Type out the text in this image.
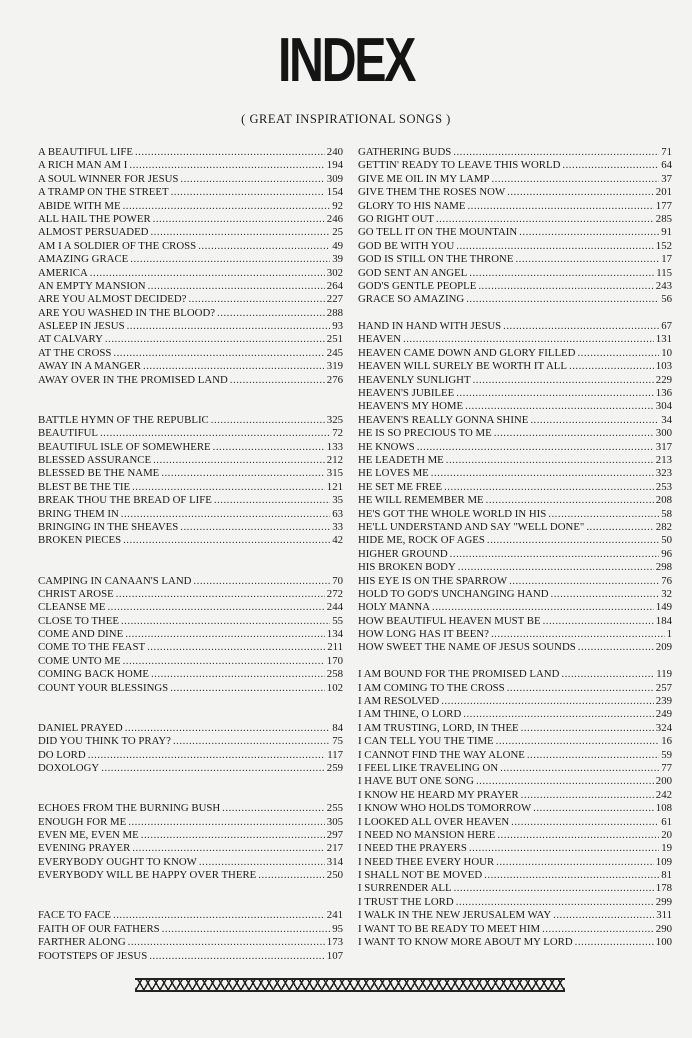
INDEX
( GREAT INSPIRATIONAL SONGS )
A BEAUTIFUL LIFE .....	240
A RICH MAN AM I .....	194
A SOUL WINNER FOR JESUS .....	309
A TRAMP ON THE STREET .....	154
ABIDE WITH ME .....	92
ALL HAIL THE POWER .....	246
ALMOST PERSUADED .....	25
AM I A SOLDIER OF THE CROSS .....	49
AMAZING GRACE .....	39
AMERICA .....	302
AN EMPTY MANSION .....	264
ARE YOU ALMOST DECIDED? .....	227
ARE YOU WASHED IN THE BLOOD? .....	288
ASLEEP IN JESUS .....	93
AT CALVARY .....	251
AT THE CROSS .....	245
AWAY IN A MANGER .....	319
AWAY OVER IN THE PROMISED LAND .....	276
BATTLE HYMN OF THE REPUBLIC .....	325
BEAUTIFUL .....	72
BEAUTIFUL ISLE OF SOMEWHERE .....	133
BLESSED ASSURANCE .....	212
BLESSED BE THE NAME .....	315
BLEST BE THE TIE .....	121
BREAK THOU THE BREAD OF LIFE .....	35
BRING THEM IN .....	63
BRINGING IN THE SHEAVES .....	33
BROKEN PIECES .....	42
CAMPING IN CANAAN'S LAND .....	70
CHRIST AROSE .....	272
CLEANSE ME .....	244
CLOSE TO THEE .....	55
COME AND DINE .....	134
COME TO THE FEAST .....	211
COME UNTO ME .....	170
COMING BACK HOME .....	258
COUNT YOUR BLESSINGS .....	102
DANIEL PRAYED .....	84
DID YOU THINK TO PRAY? .....	75
DO LORD .....	117
DOXOLOGY .....	259
ECHOES FROM THE BURNING BUSH .....	255
ENOUGH FOR ME .....	305
EVEN ME, EVEN ME .....	297
EVENING PRAYER .....	217
EVERYBODY OUGHT TO KNOW .....	314
EVERYBODY WILL BE HAPPY OVER THERE .....	250
FACE TO FACE .....	241
FAITH OF OUR FATHERS .....	95
FARTHER ALONG .....	173
FOOTSTEPS OF JESUS .....	107
GATHERING BUDS .....	71
GETTIN' READY TO LEAVE THIS WORLD .....	64
GIVE ME OIL IN MY LAMP .....	37
GIVE THEM THE ROSES NOW .....	201
GLORY TO HIS NAME .....	177
GO RIGHT OUT .....	285
GO TELL IT ON THE MOUNTAIN .....	91
GOD BE WITH YOU .....	152
GOD IS STILL ON THE THRONE .....	17
GOD SENT AN ANGEL .....	115
GOD'S GENTLE PEOPLE .....	243
GRACE SO AMAZING .....	56
HAND IN HAND WITH JESUS .....	67
HEAVEN .....	131
HEAVEN CAME DOWN AND GLORY FILLED .....	10
HEAVEN WILL SURELY BE WORTH IT ALL .....	103
HEAVENLY SUNLIGHT .....	229
HEAVEN'S JUBILEE .....	136
HEAVEN'S MY HOME .....	304
HEAVEN'S REALLY GONNA SHINE .....	34
HE IS SO PRECIOUS TO ME .....	300
HE KNOWS .....	317
HE LEADETH ME .....	213
HE LOVES ME .....	323
HE SET ME FREE .....	253
HE WILL REMEMBER ME .....	208
HE'S GOT THE WHOLE WORLD IN HIS .....	58
HE'LL UNDERSTAND AND SAY "WELL DONE" .....	282
HIDE ME, ROCK OF AGES .....	50
HIGHER GROUND .....	96
HIS BROKEN BODY .....	298
HIS EYE IS ON THE SPARROW .....	76
HOLD TO GOD'S UNCHANGING HAND .....	32
HOLY MANNA .....	149
HOW BEAUTIFUL HEAVEN MUST BE .....	184
HOW LONG HAS IT BEEN? .....	1
HOW SWEET THE NAME OF JESUS SOUNDS .....	209
I AM BOUND FOR THE PROMISED LAND .....	119
I AM COMING TO THE CROSS .....	257
I AM RESOLVED .....	239
I AM THINE, O LORD .....	249
I AM TRUSTING, LORD, IN THEE .....	324
I CAN TELL YOU THE TIME .....	16
I CANNOT FIND THE WAY ALONE .....	59
I FEEL LIKE TRAVELING ON .....	77
I HAVE BUT ONE SONG .....	200
I KNOW HE HEARD MY PRAYER .....	242
I KNOW WHO HOLDS TOMORROW .....	108
I LOOKED ALL OVER HEAVEN .....	61
I NEED NO MANSION HERE .....	20
I NEED THE PRAYERS .....	19
I NEED THEE EVERY HOUR .....	109
I SHALL NOT BE MOVED .....	81
I SURRENDER ALL .....	178
I TRUST THE LORD .....	299
I WALK IN THE NEW JERUSALEM WAY .....	311
I WANT TO BE READY TO MEET HIM .....	290
I WANT TO KNOW MORE ABOUT MY LORD .....	100
